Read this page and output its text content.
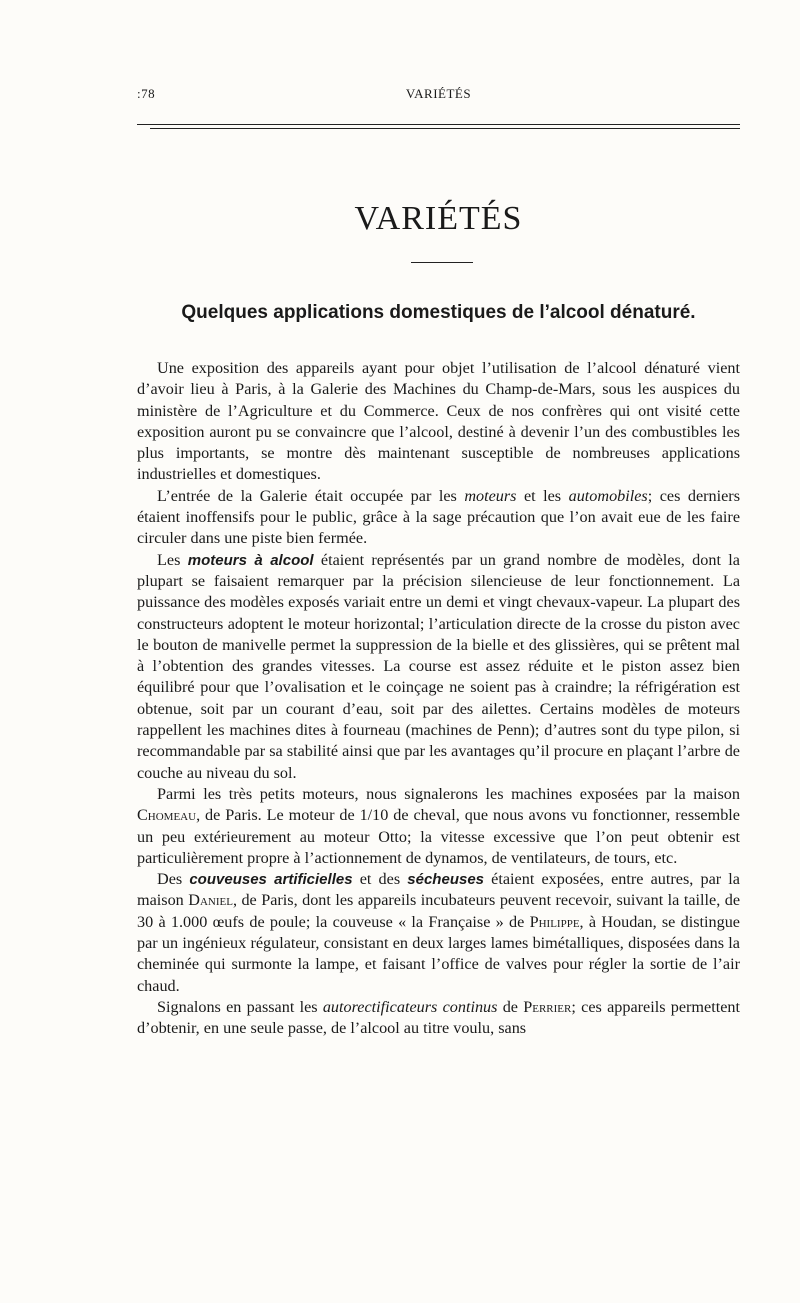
:78	VARIÉTÉS
VARIÉTÉS
Quelques applications domestiques de l’alcool dénaturé.

Une exposition des appareils ayant pour objet l’utilisation de l’alcool dénaturé vient d’avoir lieu à Paris, à la Galerie des Machines du Champ-de-Mars, sous les auspices du ministère de l’Agriculture et du Commerce. Ceux de nos confrères qui ont visité cette exposition auront pu se convaincre que l’alcool, destiné à devenir l’un des combustibles les plus importants, se montre dès maintenant susceptible de nombreuses applications industrielles et domestiques.

L’entrée de la Galerie était occupée par les moteurs et les automobiles; ces derniers étaient inoffensifs pour le public, grâce à la sage précaution que l’on avait eue de les faire circuler dans une piste bien fermée.

Les moteurs à alcool étaient représentés par un grand nombre de modèles, dont la plupart se faisaient remarquer par la précision silencieuse de leur fonctionnement. La puissance des modèles exposés variait entre un demi et vingt chevaux-vapeur. La plupart des constructeurs adoptent le moteur horizontal; l’articulation directe de la crosse du piston avec le bouton de manivelle permet la suppression de la bielle et des glissières, qui se prêtent mal à l’obtention des grandes vitesses. La course est assez réduite et le piston assez bien équilibré pour que l’ovalisation et le coinçage ne soient pas à craindre; la réfrigération est obtenue, soit par un courant d’eau, soit par des ailettes. Certains modèles de moteurs rappellent les machines dites à fourneau (machines de Penn); d’autres sont du type pilon, si recommandable par sa stabilité ainsi que par les avantages qu’il procure en plaçant l’arbre de couche au niveau du sol.

Parmi les très petits moteurs, nous signalerons les machines exposées par la maison Chomeau, de Paris. Le moteur de 1/10 de cheval, que nous avons vu fonctionner, ressemble un peu extérieurement au moteur Otto; la vitesse excessive que l’on peut obtenir est particulièrement propre à l’actionnement de dynamos, de ventilateurs, de tours, etc.

Des couveuses artificielles et des sécheuses étaient exposées, entre autres, par la maison Daniel, de Paris, dont les appareils incubateurs peuvent recevoir, suivant la taille, de 30 à 1.000 œufs de poule; la couveuse « la Française » de Philippe, à Houdan, se distingue par un ingénieux régulateur, consistant en deux larges lames bimétalliques, disposées dans la cheminée qui surmonte la lampe, et faisant l’office de valves pour régler la sortie de l’air chaud.

Signalons en passant les autorectificateurs continus de Perrier; ces appareils permettent d’obtenir, en une seule passe, de l’alcool au titre voulu, sans
